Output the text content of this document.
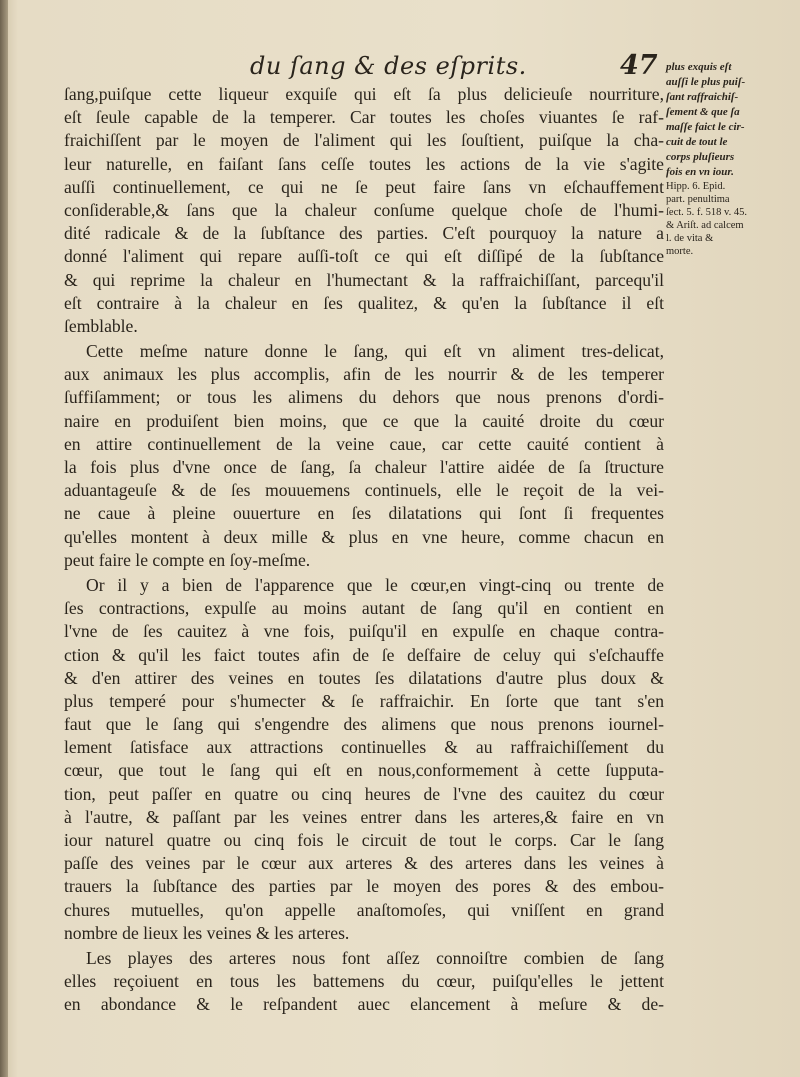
du ſang & des eſprits.	47
ſang,puiſque cette liqueur exquiſe qui eſt ſa plus delicieuſe nourriture,
eſt ſeule capable de la temperer. Car toutes les choſes viuantes ſe raf-
fraichiſſent par le moyen de l'aliment qui les ſouſtient, puiſque la cha-
leur naturelle, en faiſant ſans ceſſe toutes les actions de la vie s'agite
auſſi continuellement, ce qui ne ſe peut faire ſans vn eſchauffement
conſiderable,& ſans que la chaleur conſume quelque choſe de l'humi-
dité radicale & de la ſubſtance des parties. C'eſt pourquoy la nature a
donné l'aliment qui repare auſſi-toſt ce qui eſt diſſipé de la ſubſtance
& qui reprime la chaleur en l'humectant & la raffraichiſſant, parcequ'il
eſt contraire à la chaleur en ſes qualitez, & qu'en la ſubſtance il eſt
ſemblable.
Cette meſme nature donne le ſang, qui eſt vn aliment tres-delicat,
aux animaux les plus accomplis, afin de les nourrir & de les temperer
ſuffiſamment; or tous les alimens du dehors que nous prenons d'ordi-
naire en produiſent bien moins, que ce que la cauité droite du cœur
en attire continuellement de la veine caue, car cette cauité contient à
la fois plus d'vne once de ſang, ſa chaleur l'attire aidée de ſa ſtructure
aduantageuſe & de ſes mouuemens continuels, elle le reçoit de la vei-
ne caue à pleine ouuerture en ſes dilatations qui ſont ſi frequentes
qu'elles montent à deux mille & plus en vne heure, comme chacun en
peut faire le compte en ſoy-meſme.
Or il y a bien de l'apparence que le cœur,en vingt-cinq ou trente de
ſes contractions, expulſe au moins autant de ſang qu'il en contient en
l'vne de ſes cauitez à vne fois, puiſqu'il en expulſe en chaque contra-
ction & qu'il les faict toutes afin de ſe deſfaire de celuy qui s'eſchauffe
& d'en attirer des veines en toutes ſes dilatations d'autre plus doux &
plus temperé pour s'humecter & ſe raffraichir. En ſorte que tant s'en
faut que le ſang qui s'engendre des alimens que nous prenons iournel-
lement ſatisface aux attractions continuelles & au raffraichiſſement du
cœur, que tout le ſang qui eſt en nous,conformement à cette ſupputa-
tion, peut paſſer en quatre ou cinq heures de l'vne des cauitez du cœur
à l'autre, & paſſant par les veines entrer dans les arteres,& faire en vn
iour naturel quatre ou cinq fois le circuit de tout le corps. Car le ſang
paſſe des veines par le cœur aux arteres & des arteres dans les veines à
trauers la ſubſtance des parties par le moyen des pores & des embou-
chures mutuelles, qu'on appelle anaſtomoſes, qui vniſſent en grand
nombre de lieux les veines & les arteres.
Les playes des arteres nous font aſſez connoiſtre combien de ſang
elles reçoiuent en tous les battemens du cœur, puiſqu'elles le jettent
en abondance & le reſpandent auec elancement à meſure & de-
plus exquis eſt
auſſi le plus puiſ-
ſant raffraichiſ-
ſement & que ſa
maſſe faict le cir-
cuit de tout le
corps pluſieurs
fois en vn iour.
Hipp. 6. Epid.
part. penultima
ſect. 5. f. 518 v. 45.
& Ariſt. ad calcem
l. de vita &
morte.
